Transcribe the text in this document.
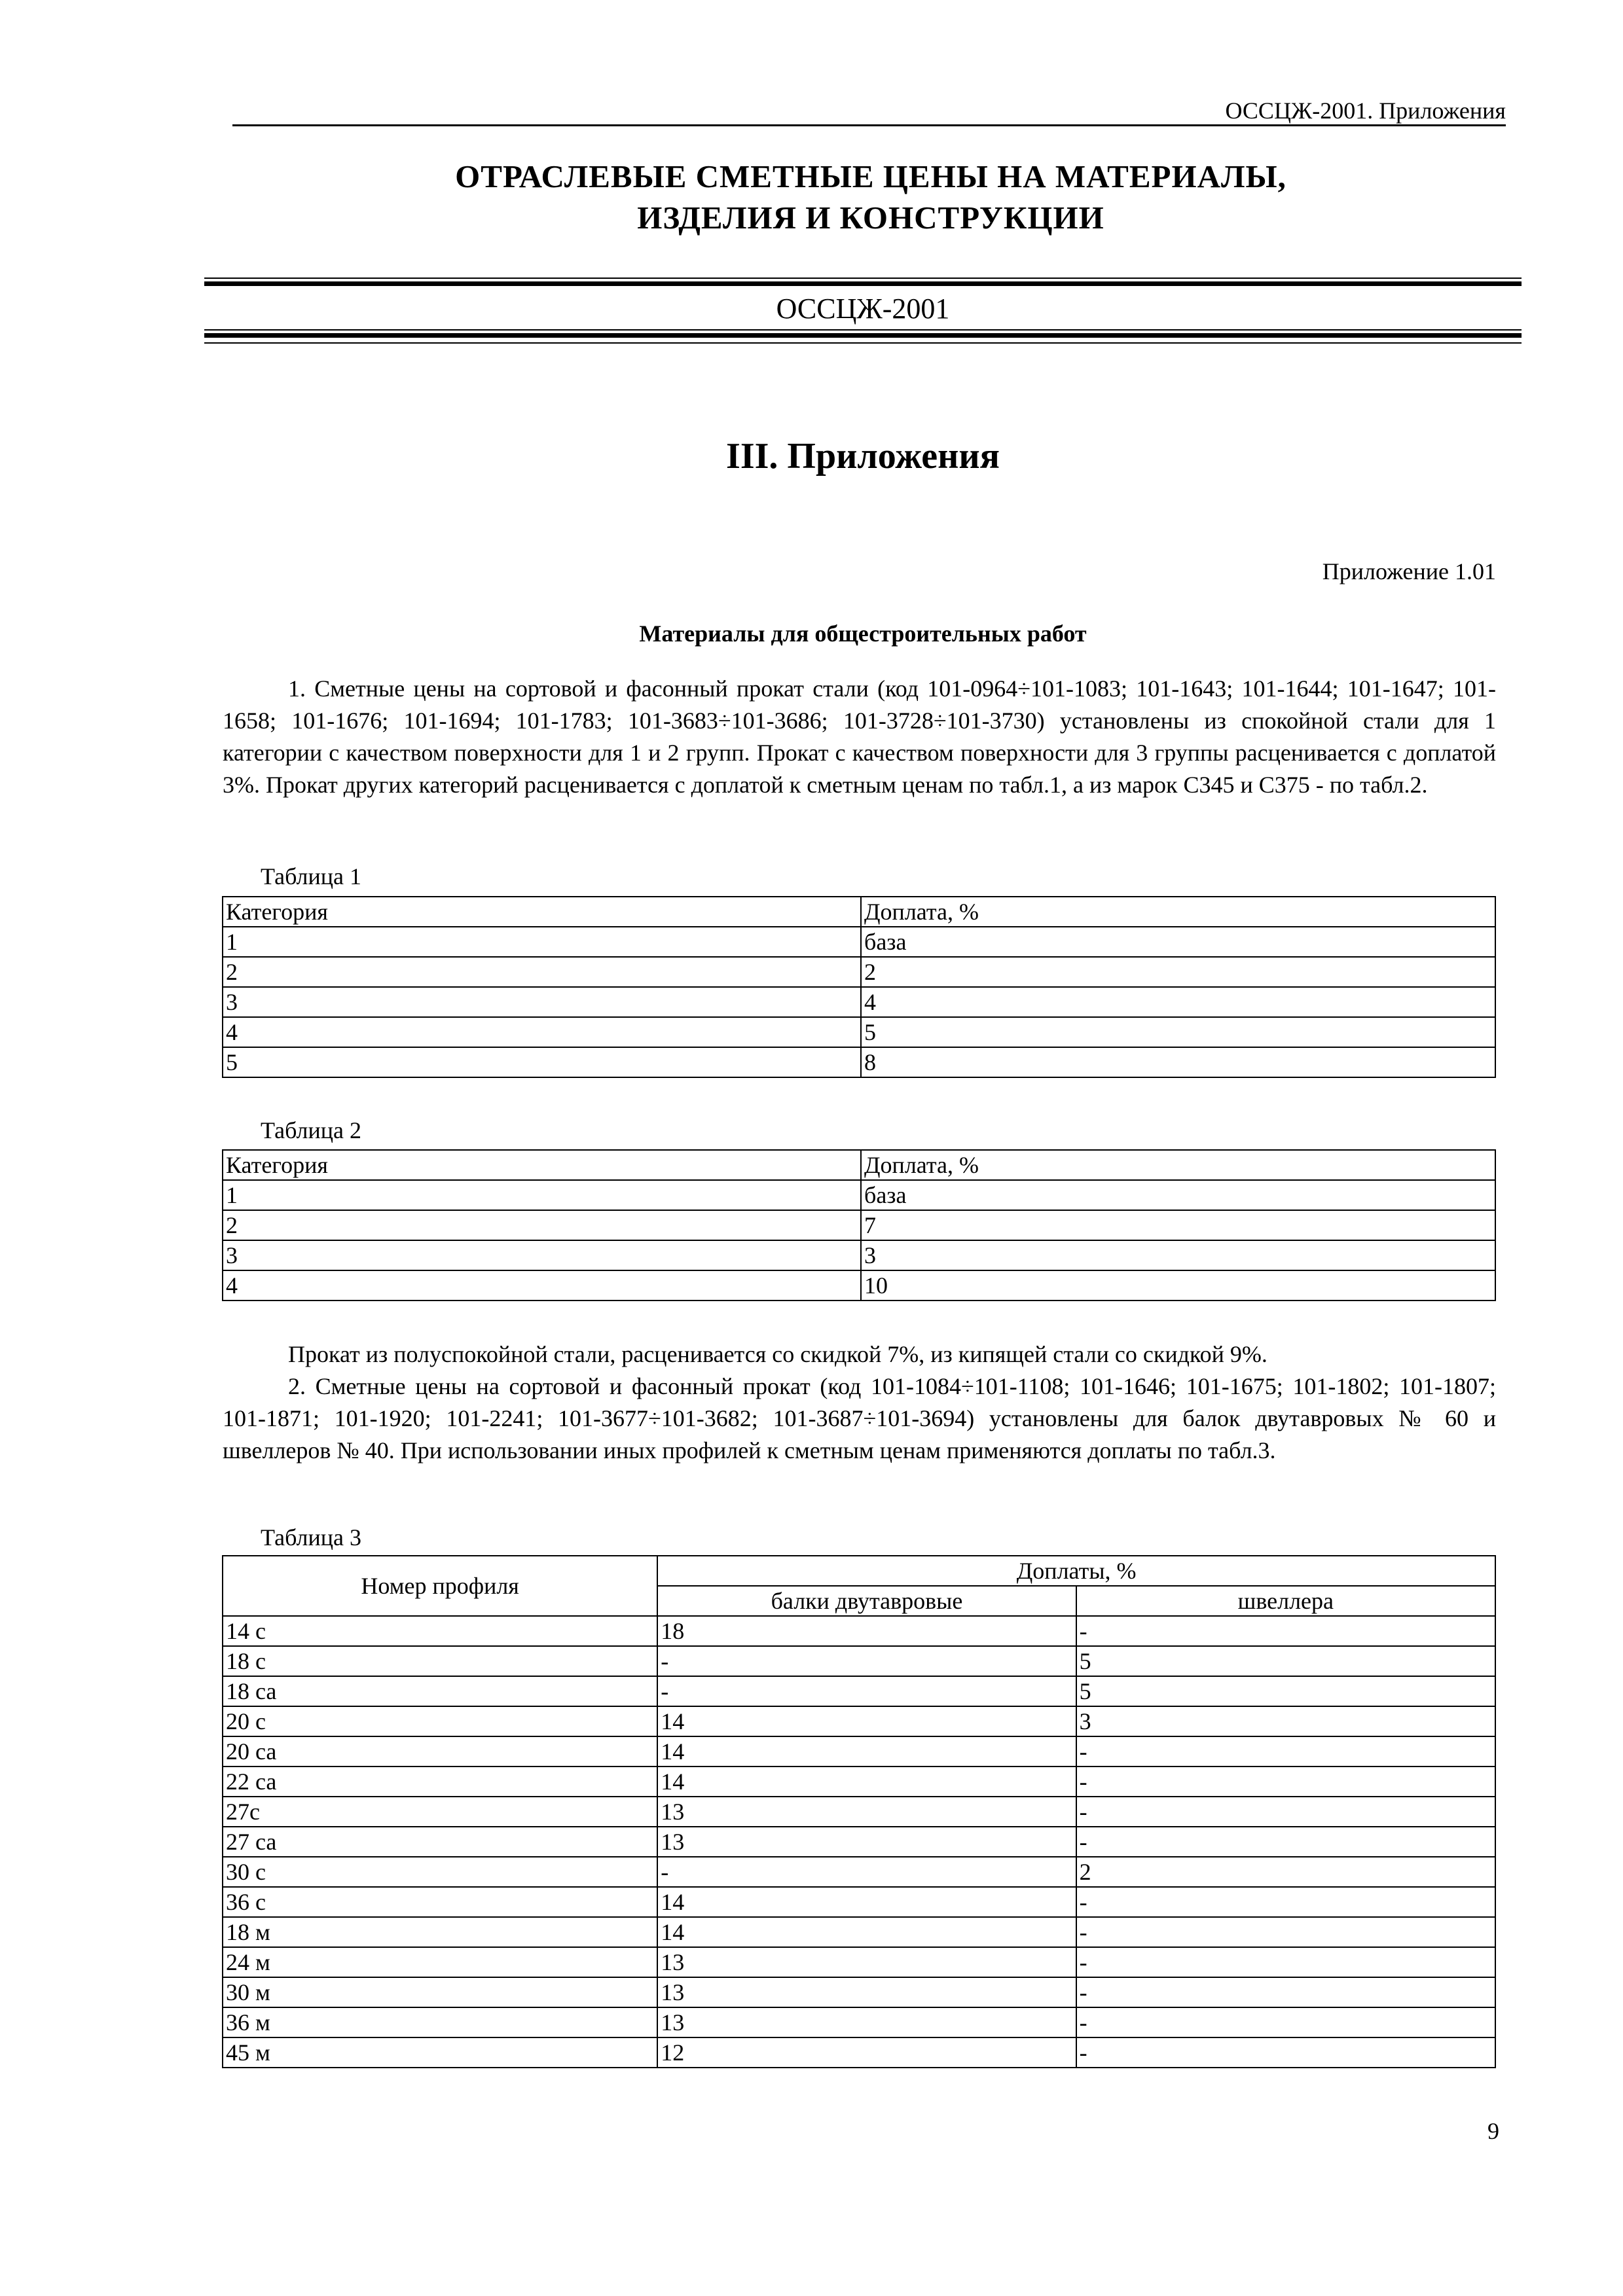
ОССЦЖ-2001. Приложения
ОТРАСЛЕВЫЕ СМЕТНЫЕ ЦЕНЫ НА МАТЕРИАЛЫ,
ИЗДЕЛИЯ И КОНСТРУКЦИИ
ОССЦЖ-2001
III. Приложения
Приложение 1.01
Материалы для общестроительных работ
1. Сметные цены на сортовой и фасонный прокат стали (код 101-0964÷101-1083; 101-1643; 101-1644; 101-1647; 101-1658; 101-1676; 101-1694; 101-1783; 101-3683÷101-3686; 101-3728÷101-3730) установлены из спокойной стали для 1 категории с качеством поверхности для 1 и 2 групп. Прокат с качеством поверхности для 3 группы расценивается с доплатой 3%. Прокат других категорий расценивается с доплатой к сметным ценам по табл.1, а из марок С345 и С375 - по табл.2.
Таблица 1
Категория	Доплата, %
1	база
2	2
3	4
4	5
5	8
Таблица 2
Категория	Доплата, %
1	база
2	7
3	3
4	10
Прокат из полуспокойной стали, расценивается со скидкой 7%, из кипящей стали со скидкой 9%.
2. Сметные цены на сортовой и фасонный прокат (код 101-1084÷101-1108; 101-1646; 101-1675; 101-1802; 101-1807; 101-1871; 101-1920; 101-2241; 101-3677÷101-3682; 101-3687÷101-3694) установлены для балок двутавровых № 60 и швеллеров № 40. При использовании иных профилей к сметным ценам применяются доплаты по табл.3.
Таблица 3
Номер профиля	Доплаты, %	
	балки двутавровые	швеллера
14 с	18	-
18 с	-	5
18 са	-	5
20 с	14	3
20 са	14	-
22 са	14	-
27с	13	-
27 са	13	-
30 с	-	2
36 с	14	-
18 м	14	-
24 м	13	-
30 м	13	-
36 м	13	-
45 м	12	-
9
